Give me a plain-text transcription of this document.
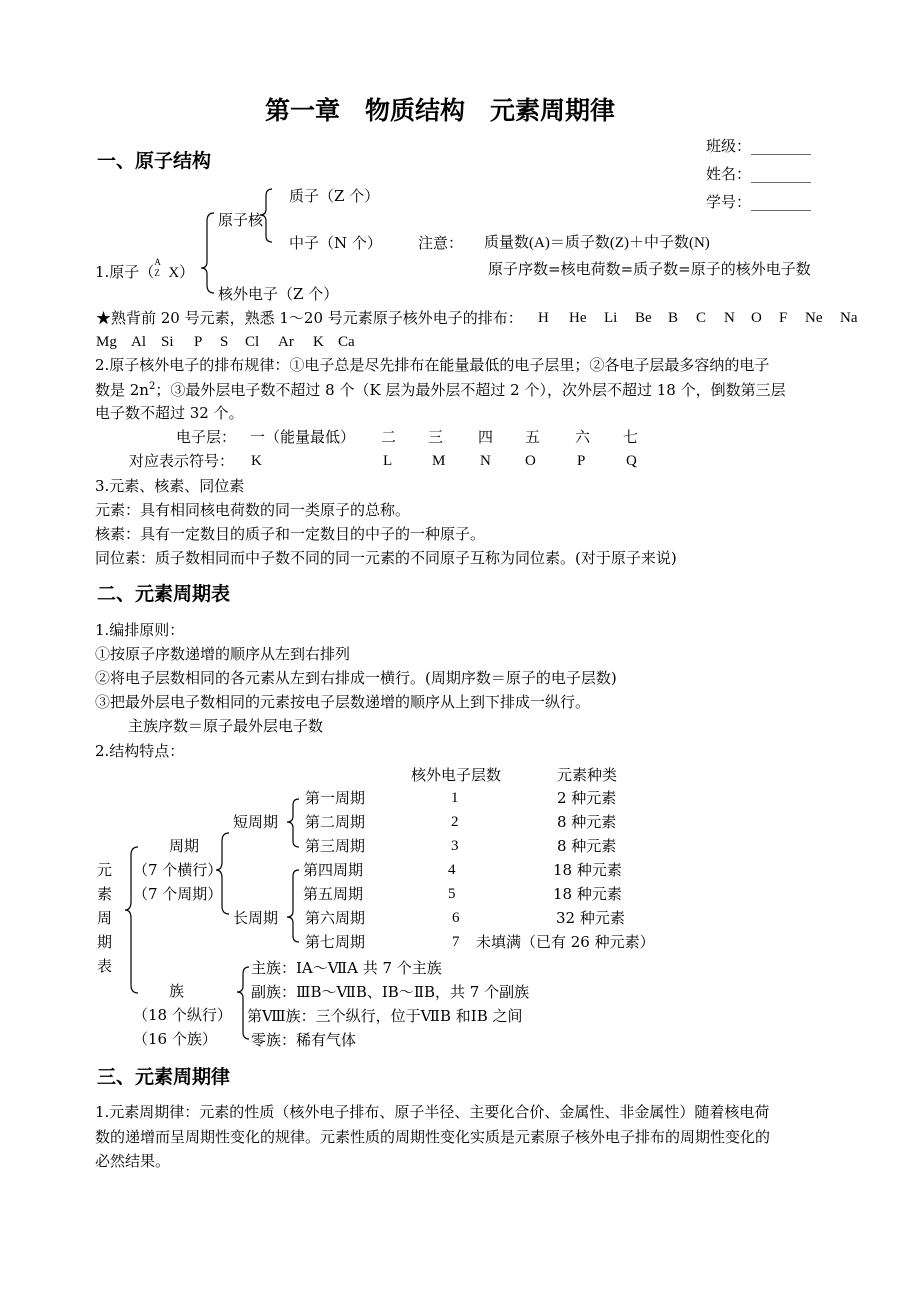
第一章　物质结构　元素周期律
班级：________
姓名：________
学号：________
一、原子结构
质子（Z 个）
原子核
中子（N 个） 注意： 质量数(A)＝质子数(Z)＋中子数(N)
1.原子（
A
Z X）	原子序数=核电荷数=质子数=原子的核外电子数
核外电子（Z 个）
★熟背前 20 号元素，熟悉 1～20 号元素原子核外电子的排布： H He Li Be B C N O F Ne Na
Mg Al Si P S Cl Ar K Ca
2.原子核外电子的排布规律：①电子总是尽先排布在能量最低的电子层里；②各电子层最多容纳的电子
数是 $2n^2$；③最外层电子数不超过 8 个（K 层为最外层不超过 2 个），次外层不超过 18 个，倒数第三层
电子数不超过 32 个。
电子层： 一（能量最低） 二 三 四 五 六 七
对应表示符号： K	L	M N O	P	Q
3.元素、核素、同位素
元素：具有相同核电荷数的同一类原子的总称。
核素：具有一定数目的质子和一定数目的中子的一种原子。
同位素：质子数相同而中子数不同的同一元素的不同原子互称为同位素。(对于原子来说)
二、元素周期表
1.编排原则：
①按原子序数递增的顺序从左到右排列
②将电子层数相同的各元素从左到右排成一横行。(周期序数＝原子的电子层数)
③把最外层电子数相同的元素按电子层数递增的顺序从上到下排成一纵行。
主族序数＝原子最外层电子数
2.结构特点：
核外电子层数	元素种类
元
素
周
期
表
周期
（7 个横行）
（7 个周期）
短周期
长周期
第一周期	1	2 种元素
第二周期	2	8 种元素
第三周期	3	8 种元素
第四周期	4	18 种元素
第五周期	5	18 种元素
第六周期	6	32 种元素
第七周期	7 未填满（已有 26 种元素）
族
（18 个纵行）
（16 个族）
主族：ⅠA～ⅦA 共 7 个主族
副族：ⅢB～ⅦB、ⅠB～ⅡB，共 7 个副族
第Ⅷ族：三个纵行，位于ⅦB 和ⅠB 之间
零族：稀有气体
三、元素周期律
1.元素周期律：元素的性质（核外电子排布、原子半径、主要化合价、金属性、非金属性）随着核电荷
数的递增而呈周期性变化的规律。元素性质的周期性变化实质是元素原子核外电子排布的周期性变化的
必然结果。
